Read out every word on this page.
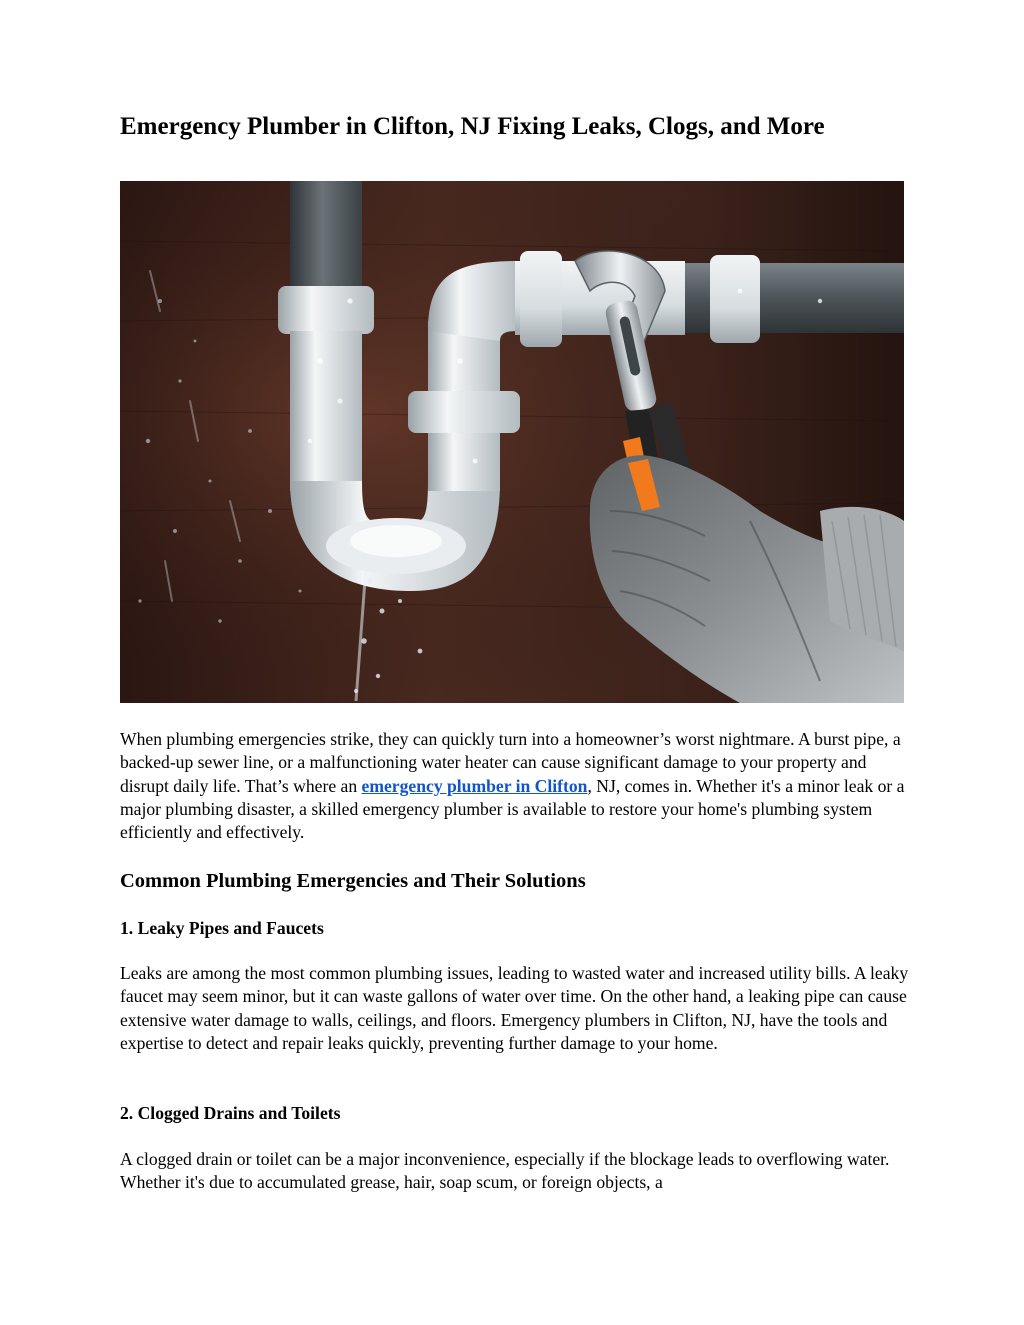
Emergency Plumber in Clifton, NJ Fixing Leaks, Clogs, and More

When plumbing emergencies strike, they can quickly turn into a homeowner’s worst nightmare. A burst pipe, a backed-up sewer line, or a malfunctioning water heater can cause significant damage to your property and disrupt daily life. That’s where an emergency plumber in Clifton, NJ, comes in. Whether it's a minor leak or a major plumbing disaster, a skilled emergency plumber is available to restore your home's plumbing system efficiently and effectively.

Common Plumbing Emergencies and Their Solutions
1. Leaky Pipes and Faucets

Leaks are among the most common plumbing issues, leading to wasted water and increased utility bills. A leaky faucet may seem minor, but it can waste gallons of water over time. On the other hand, a leaking pipe can cause extensive water damage to walls, ceilings, and floors. Emergency plumbers in Clifton, NJ, have the tools and expertise to detect and repair leaks quickly, preventing further damage to your home.

2. Clogged Drains and Toilets

A clogged drain or toilet can be a major inconvenience, especially if the blockage leads to overflowing water. Whether it's due to accumulated grease, hair, soap scum, or foreign objects, a
